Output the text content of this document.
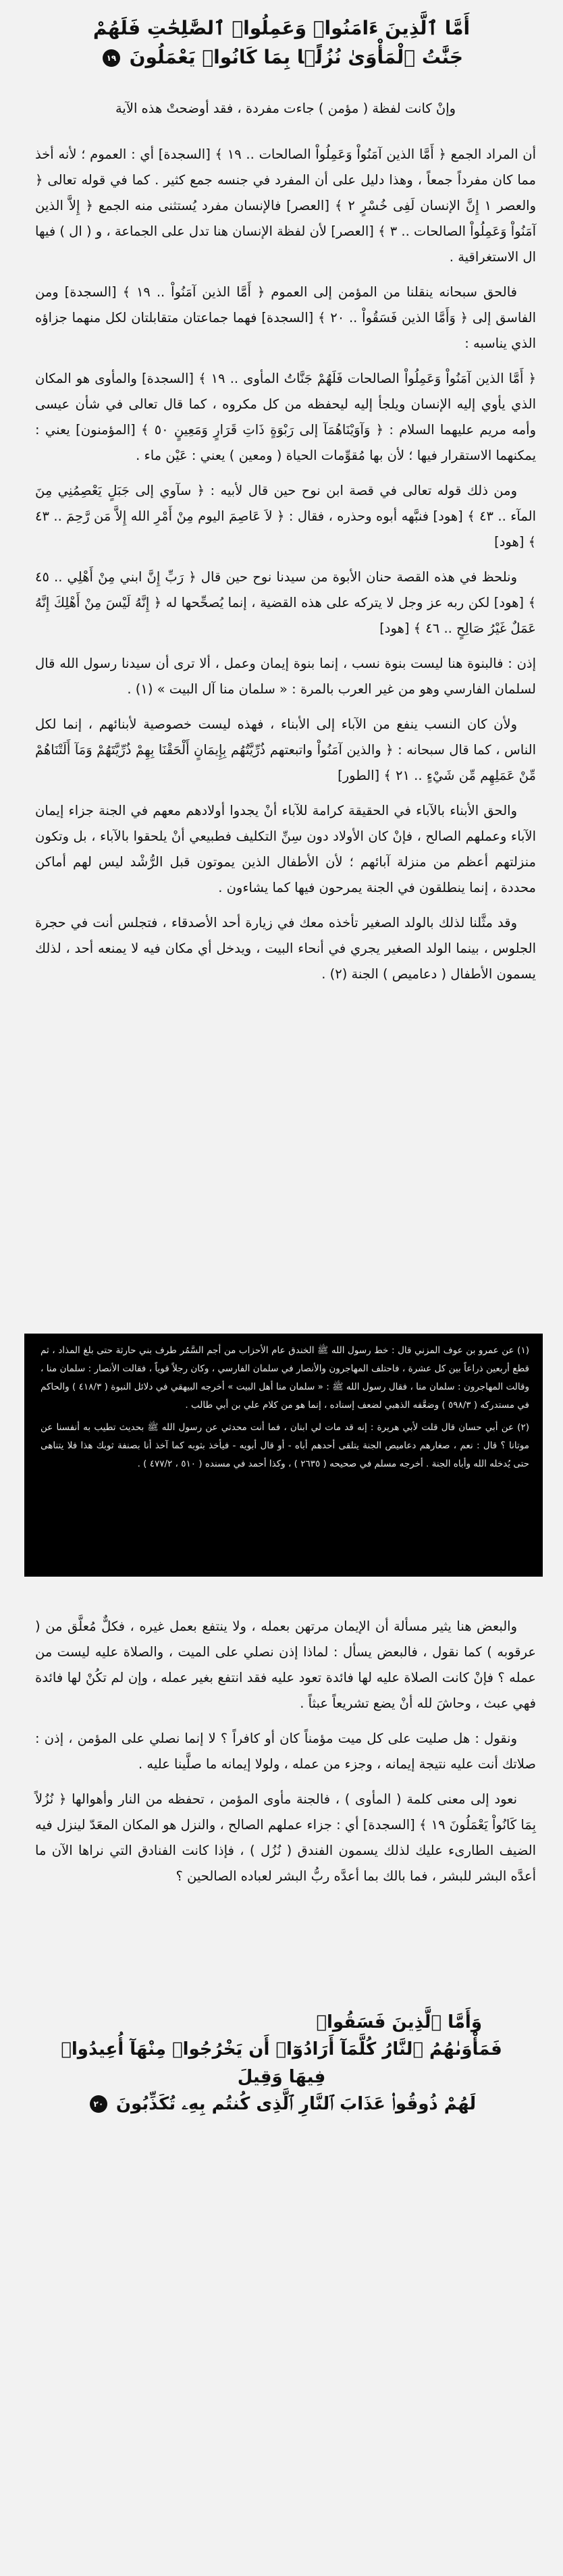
أَمَّا ٱلَّذِينَ ءَامَنُوا۟ وَعَمِلُوا۟ ٱلصَّٰلِحَٰتِ فَلَهُمْ
جَنَّٰتُ ٱلْمَأْوَىٰ نُزُلًۢا بِمَا كَانُوا۟ يَعْمَلُونَ ١٩

وإنْ كانت لفظة ( مؤمن ) جاءت مفردة ، فقد أوضحتْ هذه الآية

أن المراد الجمع ﴿ أَمَّا الذين آمَنُواْ وَعَمِلُواْ الصالحات .. ١٩ ﴾ [السجدة] أي : العموم ؛ لأنه أخذ مما كان مفرداً جمعاً ، وهذا دليل على أن المفرد في جنسه جمع كثير . كما في قوله تعالى ﴿ والعصر ١ إِنَّ الإنسان لَفِى خُسْرٍ ٢ ﴾ [العصر] فالإنسان مفرد يُستثنى منه الجمع ﴿ إِلاَّ الذين آمَنُواْ وَعَمِلُواْ الصالحات .. ٣ ﴾ [العصر] لأن لفظة الإنسان هنا تدل على الجماعة ، و ( ال ) فيها ال الاستغراقية .

فالحق سبحانه ينقلنا من المؤمن إلى العموم ﴿ أَمَّا الذين آمَنُواْ .. ١٩ ﴾ [السجدة] ومن الفاسق إلى ﴿ وَأَمَّا الذين فَسَقُواْ .. ٢٠ ﴾ [السجدة] فهما جماعتان متقابلتان لكل منهما جزاؤه الذي يناسبه :

﴿ أَمَّا الذين آمَنُواْ وَعَمِلُواْ الصالحات فَلَهُمْ جَنَّاتُ المأوى .. ١٩ ﴾ [السجدة] والمأوى هو المكان الذي يأوي إليه الإنسان ويلجأ إليه ليحفظه من كل مكروه ، كما قال تعالى في شأن عيسى وأمه مريم عليهما السلام : ﴿ وَآوَيْنَاهُمَآ إلى رَبْوَةٍ ذَاتِ قَرَارٍ وَمَعِينٍ ٥٠ ﴾ [المؤمنون] يعني : يمكنهما الاستقرار فيها ؛ لأن بها مُقوِّمات الحياة ( ومعين ) يعني : عَيْن ماء .

ومن ذلك قوله تعالى في قصة ابن نوح حين قال لأبيه : ﴿ سآوي إلى جَبَلٍ يَعْصِمُنِي مِنَ المآء .. ٤٣ ﴾ [هود] فنبَّهه أبوه وحذره ، فقال : ﴿ لاَ عَاصِمَ اليوم مِنْ أَمْرِ الله إِلاَّ مَن رَّحِمَ .. ٤٣ ﴾ [هود]

ونلحظ في هذه القصة حنان الأبوة من سيدنا نوح حين قال ﴿ رَبِّ إِنَّ ابني مِنْ أَهْلِي .. ٤٥ ﴾ [هود] لكن ربه عز وجل لا يتركه على هذه القضية ، إنما يُصحِّحها له ﴿ إِنَّهُ لَيْسَ مِنْ أَهْلِكَ إِنَّهُ عَمَلٌ غَيْرُ صَالِحٍ .. ٤٦ ﴾ [هود]

إذن : فالبنوة هنا ليست بنوة نسب ، إنما بنوة إيمان وعمل ، ألا ترى أن سيدنا رسول الله قال لسلمان الفارسي وهو من غير العرب بالمرة : « سلمان منا آل البيت » (١) .

ولأن كان النسب ينفع من الآباء إلى الأبناء ، فهذه ليست خصوصية لأبنائهم ، إنما لكل الناس ، كما قال سبحانه : ﴿ والذين آمَنُواْ واتبعتهم ذُرِّيَّتُهُم بِإِيمَانٍ أَلْحَقْنَا بِهِمْ ذُرِّيَّتَهُمْ وَمَآ أَلَتْنَاهُمْ مِّنْ عَمَلِهِم مِّن شَيْءٍ .. ٢١ ﴾ [الطور]

والحق الأبناء بالآباء في الحقيقة كرامة للآباء أنْ يجدوا أولادهم معهم في الجنة جزاء إيمان الآباء وعملهم الصالح ، فإنْ كان الأولاد دون سِنِّ التكليف فطبيعي أنْ يلحقوا بالآباء ، بل وتكون منزلتهم أعظم من منزلة آبائهم ؛ لأن الأطفال الذين يموتون قبل الرُّشْد ليس لهم أماكن محددة ، إنما ينطلقون في الجنة يمرحون فيها كما يشاءون .

وقد مثَّلنا لذلك بالولد الصغير تأخذه معك في زيارة أحد الأصدقاء ، فتجلس أنت في حجرة الجلوس ، بينما الولد الصغير يجري في أنحاء البيت ، ويدخل أي مكان فيه لا يمنعه أحد ، لذلك يسمون الأطفال ( دعاميص ) الجنة (٢) .

(١) عن عمرو بن عوف المزني قال : خط رسول الله ﷺ الخندق عام الأحزاب من أجم السَّمُر طرف بني حارثة حتى بلغ المذاد ، ثم قطع أربعين ذراعاً بين كل عشرة ، فاحتلف المهاجرون والأنصار في سلمان الفارسي ، وكان رجلاً قوياً ، فقالت الأنصار : سلمان منا ، وقالت المهاجرون : سلمان منا ، فقال رسول الله ﷺ : « سلمان منا أهل البيت » أخرجه البيهقي في دلائل النبوة ( ٤١٨/٣ ) والحاكم في مستدركه ( ٥٩٨/٣ ) وضعَّفه الذهبي لضعف إسناده ، إنما هو من كلام علي بن أبي طالب .

(٢) عن أبي حسان قال قلت لأبي هريرة : إنه قد مات لي ابنان ، فما أنت محدثي عن رسول الله ﷺ بحديث تطيب به أنفسنا عن موتانا ؟ قال : نعم ، صغارهم دعاميص الجنة يتلقى أحدهم أباه - أو قال أبويه - فيأخذ بثوبه كما آخذ أنا بصنفة ثوبك هذا فلا يتناهى حتى يُدخله الله وأباه الجنة . أخرجه مسلم في صحيحه ( ٢٦٣٥ ) ، وكذا أحمد في مسنده ( ٥١٠ ، ٤٧٧/٢ ) .

والبعض هنا يثير مسألة أن الإيمان مرتهن بعمله ، ولا ينتفع بعمل غيره ، فكلٌّ مُعلَّق من ( عرقوبه ) كما نقول ، فالبعض يسأل : لماذا إذن نصلي على الميت ، والصلاة عليه ليست من عمله ؟ فإنْ كانت الصلاة عليه لها فائدة تعود عليه فقد انتفع بغير عمله ، وإن لم تكُنْ لها فائدة فهي عبث ، وحاشَ لله أنْ يضع تشريعاً عبثاً .

ونقول : هل صليت على كل ميت مؤمناً كان أو كافراً ؟ لا إنما نصلي على المؤمن ، إذن : صلاتك أنت عليه نتيجة إيمانه ، وجزء من عمله ، ولولا إيمانه ما صلَّينا عليه .

نعود إلى معنى كلمة ( المأوى ) ، فالجنة مأوى المؤمن ، تحفظه من النار وأهوالها ﴿ نُزُلاً بِمَا كَانُواْ يَعْمَلُونَ ١٩ ﴾ [السجدة] أي : جزاء عملهم الصالح ، والنزل هو المكان المعَدّ لينزل فيه الضيف الطارىء عليك لذلك يسمون الفندق ( نُزُل ) ، فإذا كانت الفنادق التي نراها الآن ما أعدَّه البشر للبشر ، فما بالك بما أعدَّه ربُّ البشر لعباده الصالحين ؟

وَأَمَّا ٱلَّذِينَ فَسَقُوا۟
فَمَأْوَىٰهُمُ ٱلنَّارُ كُلَّمَآ أَرَادُوٓا۟ أَن يَخْرُجُوا۟ مِنْهَآ أُعِيدُوا۟ فِيهَا وَقِيلَ
لَهُمْ ذُوقُوا۟ عَذَابَ ٱلنَّارِ ٱلَّذِى كُنتُم بِهِۦ تُكَذِّبُونَ ٢٠
